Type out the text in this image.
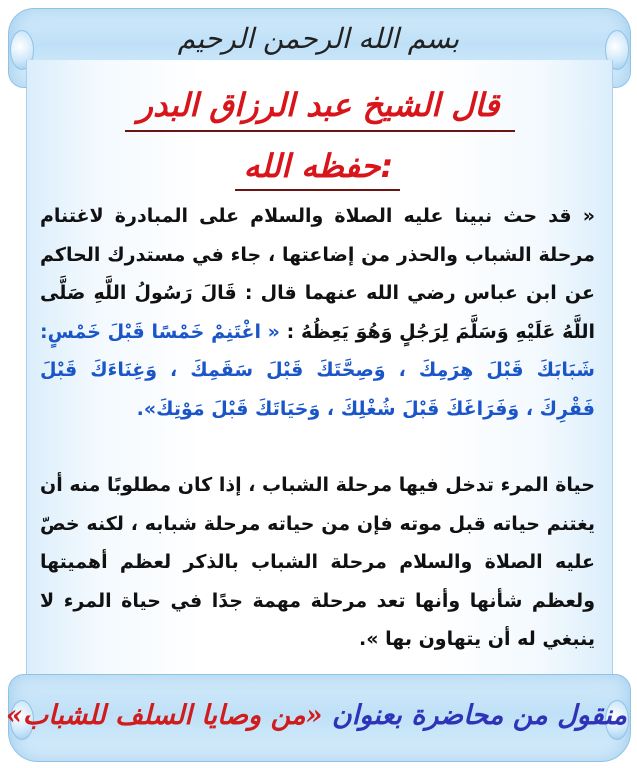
بسم الله الرحمن الرحيم
قال الشيخ عبد الرزاق البدر
حفظه الله:
« قد حث نبينا عليه الصلاة والسلام على المبادرة لاغتنام مرحلة الشباب والحذر من إضاعتها ، جاء في مستدرك الحاكم عن ابن عباس رضي الله عنهما قال : قَالَ رَسُولُ اللَّهِ صَلَّى اللَّهُ عَلَيْهِ وَسَلَّمَ لِرَجُلٍ وَهُوَ يَعِظُهُ : « اغْتَنِمْ خَمْسًا قَبْلَ خَمْسٍ: شَبَابَكَ قَبْلَ هِرَمِكَ ، وَصِحَّتَكَ قَبْلَ سَقَمِكَ ، وَغِنَاءَكَ قَبْلَ فَقْرِكَ ، وَفَرَاغَكَ قَبْلَ شُغْلِكَ ، وَحَيَاتَكَ قَبْلَ مَوْتِكَ».
حياة المرء تدخل فيها مرحلة الشباب ، إذا كان مطلوبًا منه أن يغتنم حياته قبل موته فإن من حياته مرحلة شبابه ، لكنه خصّ عليه الصلاة والسلام مرحلة الشباب بالذكر لعظم أهميتها ولعظم شأنها وأنها تعد مرحلة مهمة جدًا في حياة المرء لا ينبغي له أن يتهاون بها ».
منقول من محاضرة بعنوان «من وصايا السلف للشباب»
